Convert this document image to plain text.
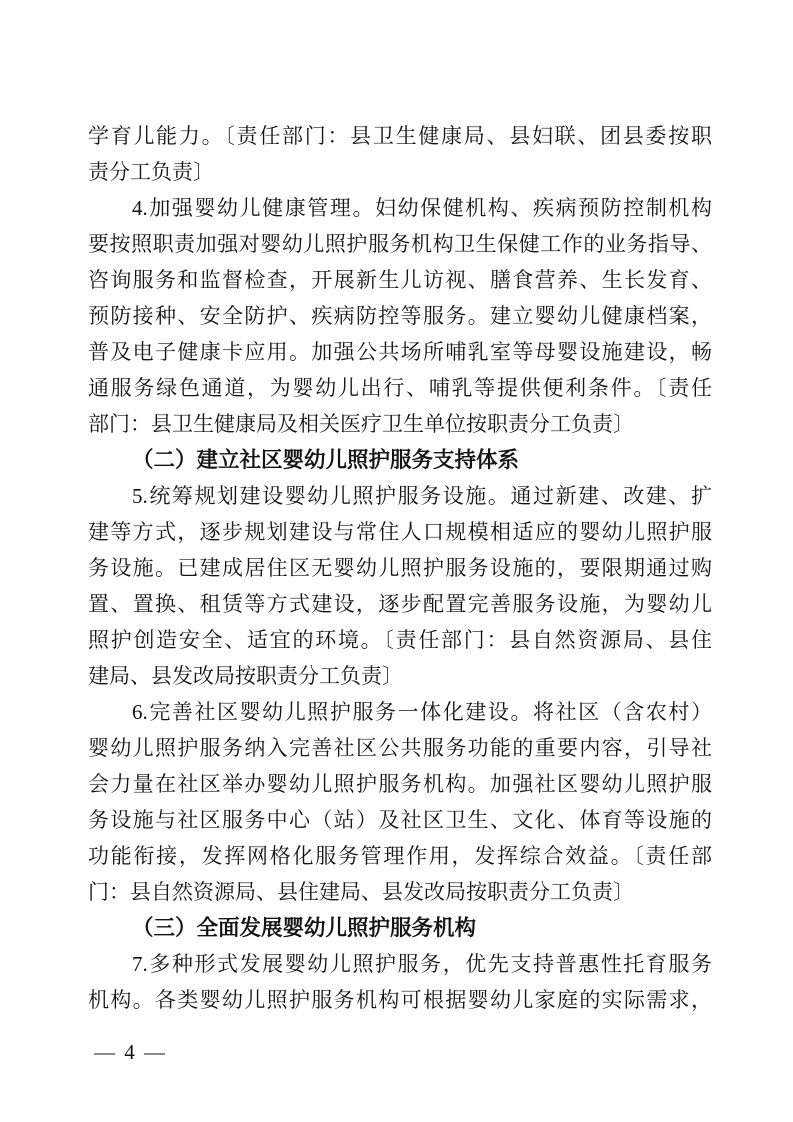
学育儿能力。〔责任部门：县卫生健康局、县妇联、团县委按职
责分工负责〕
4.加强婴幼儿健康管理。妇幼保健机构、疾病预防控制机构
要按照职责加强对婴幼儿照护服务机构卫生保健工作的业务指导、
咨询服务和监督检查，开展新生儿访视、膳食营养、生长发育、
预防接种、安全防护、疾病防控等服务。建立婴幼儿健康档案，
普及电子健康卡应用。加强公共场所哺乳室等母婴设施建设，畅
通服务绿色通道，为婴幼儿出行、哺乳等提供便利条件。〔责任
部门：县卫生健康局及相关医疗卫生单位按职责分工负责〕
（二）建立社区婴幼儿照护服务支持体系
5.统筹规划建设婴幼儿照护服务设施。通过新建、改建、扩
建等方式，逐步规划建设与常住人口规模相适应的婴幼儿照护服
务设施。已建成居住区无婴幼儿照护服务设施的，要限期通过购
置、置换、租赁等方式建设，逐步配置完善服务设施，为婴幼儿
照护创造安全、适宜的环境。〔责任部门：县自然资源局、县住
建局、县发改局按职责分工负责〕
6.完善社区婴幼儿照护服务一体化建设。将社区（含农村）
婴幼儿照护服务纳入完善社区公共服务功能的重要内容，引导社
会力量在社区举办婴幼儿照护服务机构。加强社区婴幼儿照护服
务设施与社区服务中心（站）及社区卫生、文化、体育等设施的
功能衔接，发挥网格化服务管理作用，发挥综合效益。〔责任部
门：县自然资源局、县住建局、县发改局按职责分工负责〕
（三）全面发展婴幼儿照护服务机构
7.多种形式发展婴幼儿照护服务，优先支持普惠性托育服务
机构。各类婴幼儿照护服务机构可根据婴幼儿家庭的实际需求，
— 4 —
